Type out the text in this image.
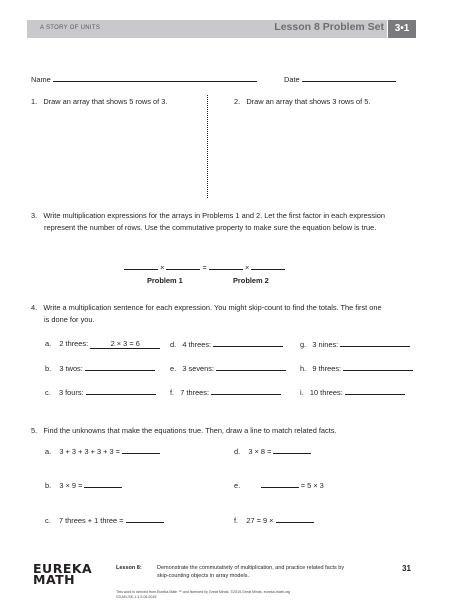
A STORY OF UNITS	Lesson 8 Problem Set	3•1
Name	Date
1. Draw an array that shows 5 rows of 3.	2. Draw an array that shows 3 rows of 5.
3. Write multiplication expressions for the arrays in Problems 1 and 2. Let the first factor in each expression
represent the number of rows. Use the commutative property to make sure the equation below is true.
×	=	×
Problem 1	Problem 2
4. Write a multiplication sentence for each expression. You might skip-count to find the totals. The first one
is done for you.
a. 2 threes:	2 × 3 = 6	d. 4 threes:	g. 3 nines:
b. 3 twos:	e. 3 sevens:	h. 9 threes:
c. 3 fours:	f. 7 threes:	i. 10 threes:
5. Find the unknowns that make the equations true. Then, draw a line to match related facts.
a. 3 + 3 + 3 + 3 + 3 =	d. 3 × 8 =
b. 3 × 9 =	e.	= 5 × 3
c. 7 threes + 1 three =	f. 27 = 9 ×
EUREKA
MATH
Lesson 8:	Demonstrate the commutativity of multiplication, and practice related facts by skip-counting objects in array models.
31
This work is derived from Eureka Math ™ and licensed by Great Minds. ©2015 Great Minds. eureka-math.org
G3-M1-SE-1.3.0-05.2015
